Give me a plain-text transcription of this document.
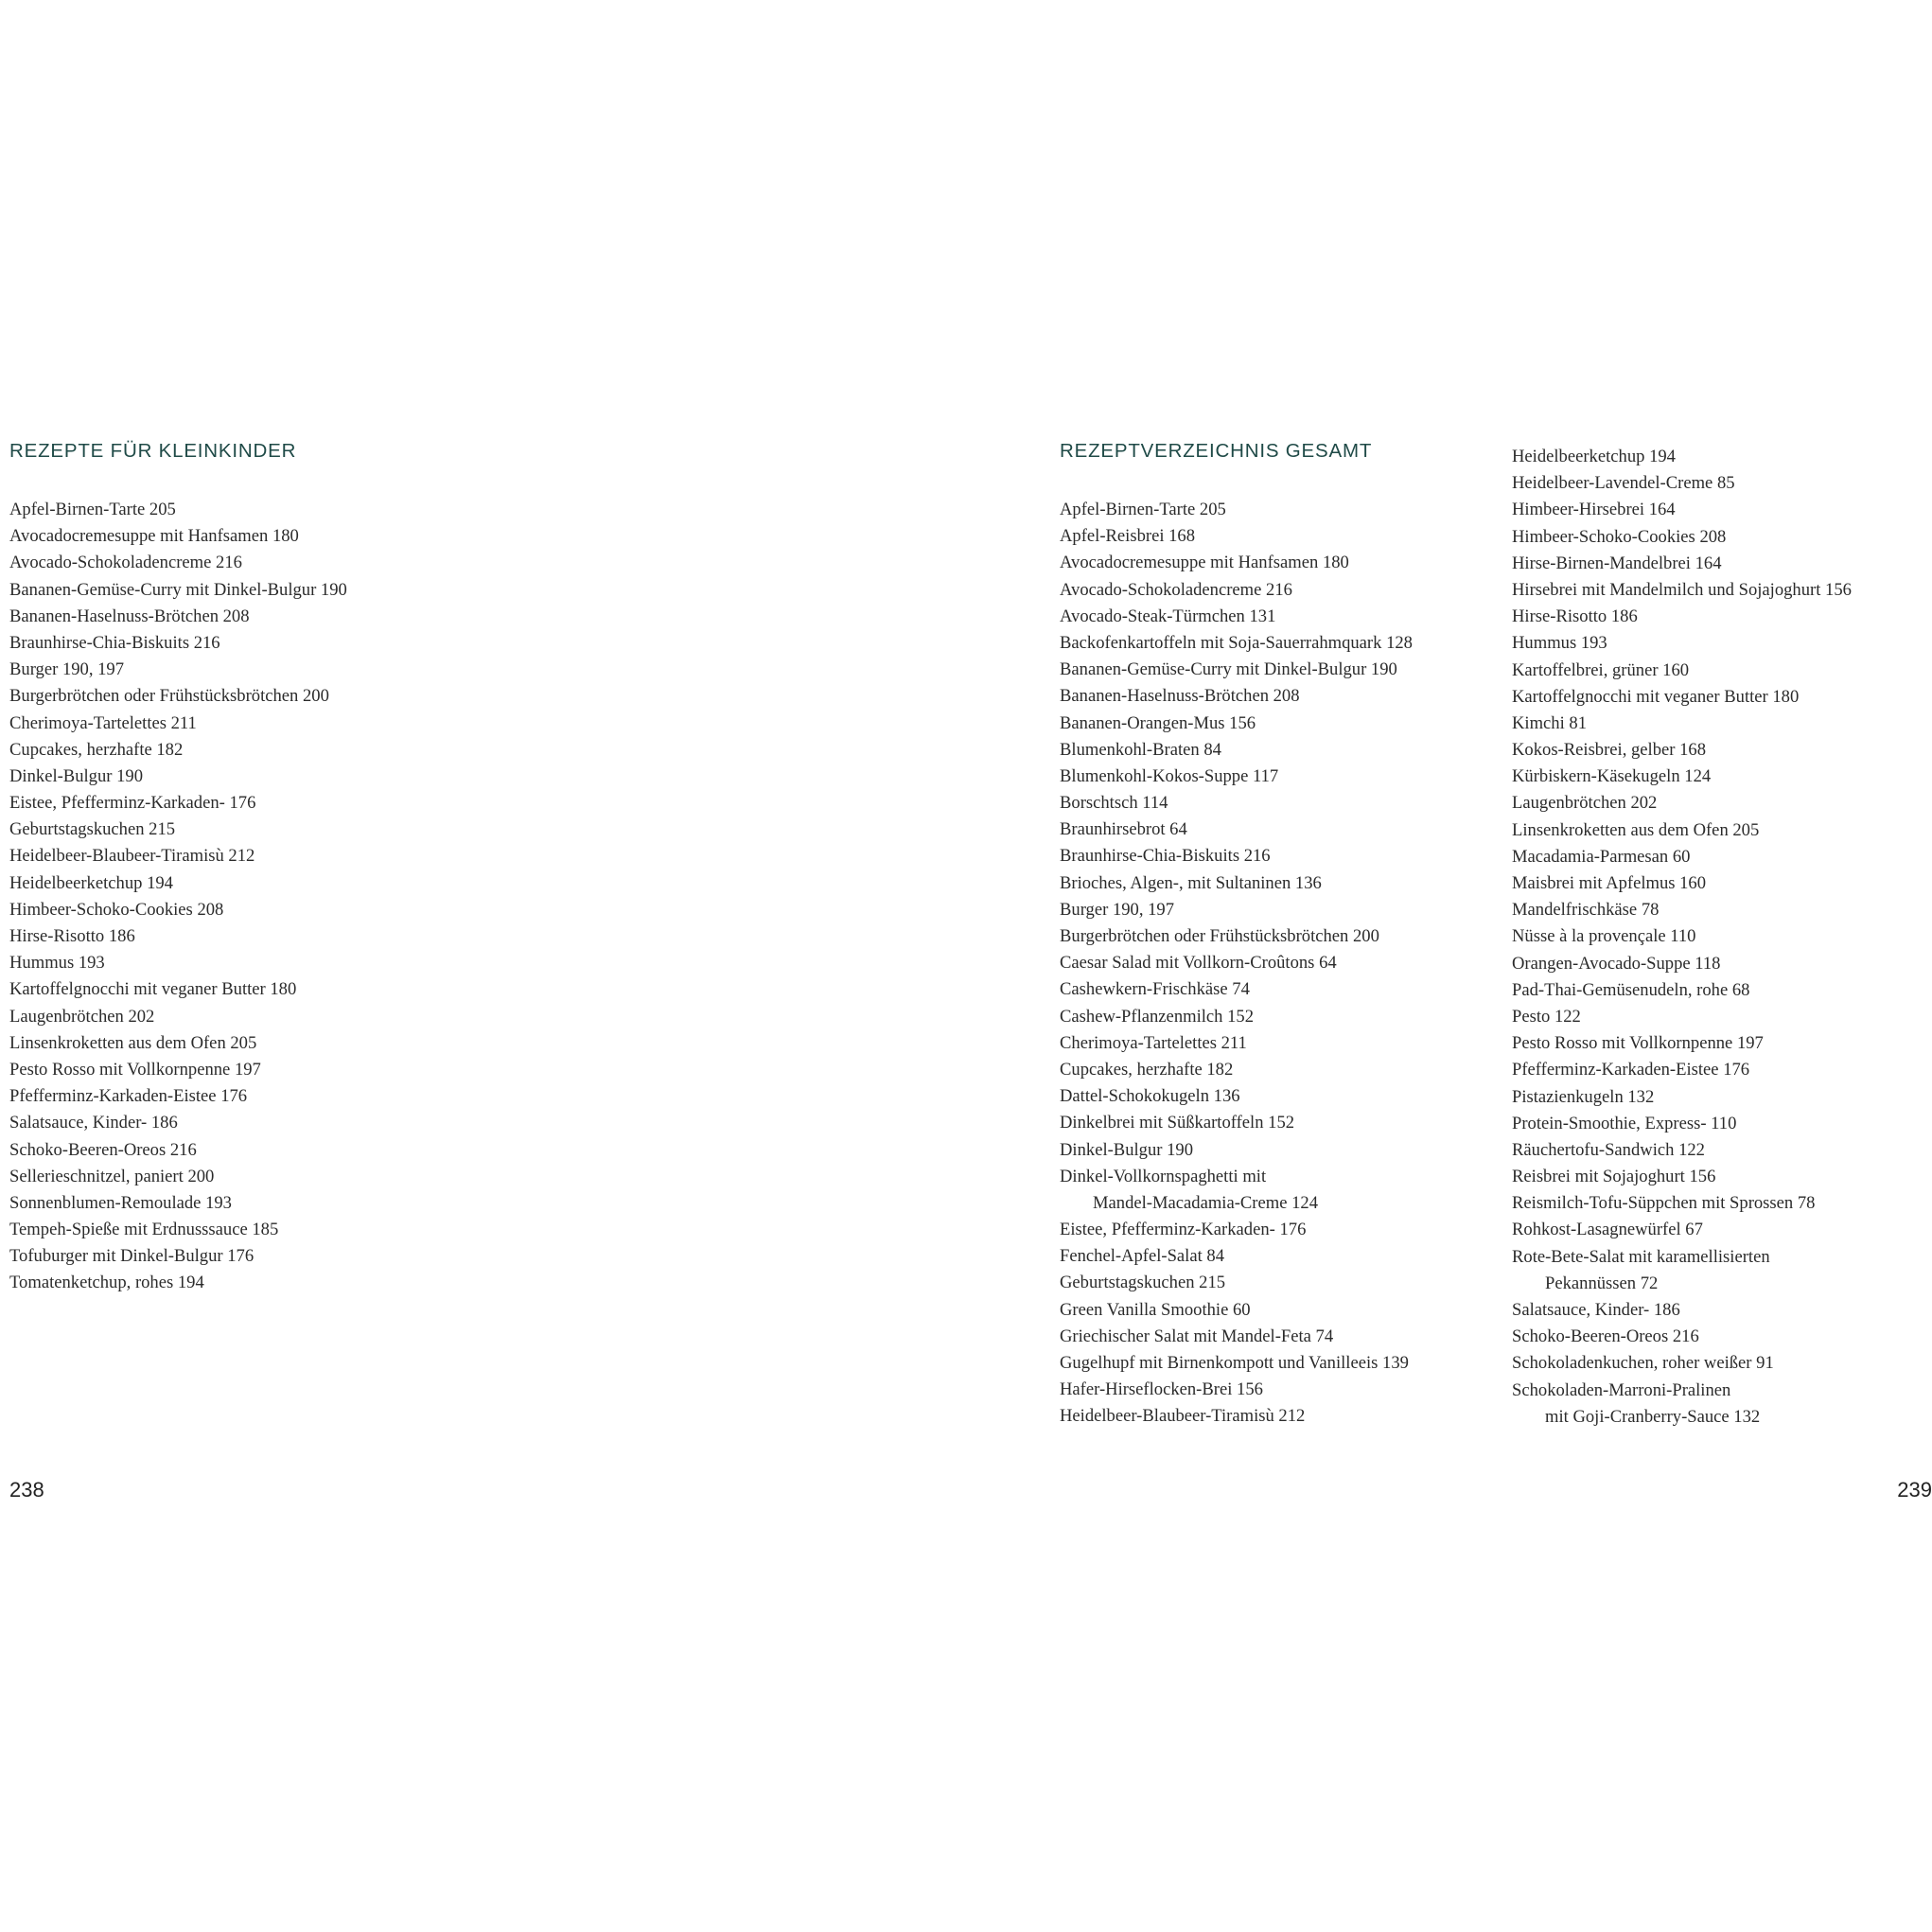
REZEPTE FÜR KLEINKINDER
Apfel-Birnen-Tarte 205
Avocadocremesuppe mit Hanfsamen 180
Avocado-Schokoladencreme 216
Bananen-Gemüse-Curry mit Dinkel-Bulgur 190
Bananen-Haselnuss-Brötchen 208
Braunhirse-Chia-Biskuits 216
Burger 190, 197
Burgerbrötchen oder Frühstücksbrötchen 200
Cherimoya-Tartelettes 211
Cupcakes, herzhafte 182
Dinkel-Bulgur 190
Eistee, Pfefferminz-Karkaden- 176
Geburtstagskuchen 215
Heidelbeer-Blaubeer-Tiramisù 212
Heidelbeerketchup 194
Himbeer-Schoko-Cookies 208
Hirse-Risotto 186
Hummus 193
Kartoffelgnocchi mit veganer Butter 180
Laugenbrötchen 202
Linsenkroketten aus dem Ofen 205
Pesto Rosso mit Vollkornpenne 197
Pfefferminz-Karkaden-Eistee 176
Salatsauce, Kinder- 186
Schoko-Beeren-Oreos 216
Sellerieschnitzel, paniert 200
Sonnenblumen-Remoulade 193
Tempeh-Spieße mit Erdnusssauce 185
Tofuburger mit Dinkel-Bulgur 176
Tomatenketchup, rohes 194
238
REZEPTVERZEICHNIS GESAMT
Apfel-Birnen-Tarte 205
Apfel-Reisbrei 168
Avocadocremesuppe mit Hanfsamen 180
Avocado-Schokoladencreme 216
Avocado-Steak-Türmchen 131
Backofenkartoffeln mit Soja-Sauerrahmquark 128
Bananen-Gemüse-Curry mit Dinkel-Bulgur 190
Bananen-Haselnuss-Brötchen 208
Bananen-Orangen-Mus 156
Blumenkohl-Braten 84
Blumenkohl-Kokos-Suppe 117
Borschtsch 114
Braunhirsebrot 64
Braunhirse-Chia-Biskuits 216
Brioches, Algen-, mit Sultaninen 136
Burger 190, 197
Burgerbrötchen oder Frühstücksbrötchen 200
Caesar Salad mit Vollkorn-Croûtons 64
Cashewkern-Frischkäse 74
Cashew-Pflanzenmilch 152
Cherimoya-Tartelettes 211
Cupcakes, herzhafte 182
Dattel-Schokokugeln 136
Dinkelbrei mit Süßkartoffeln 152
Dinkel-Bulgur 190
Dinkel-Vollkornspaghetti mit
Mandel-Macadamia-Creme 124
Eistee, Pfefferminz-Karkaden- 176
Fenchel-Apfel-Salat 84
Geburtstagskuchen 215
Green Vanilla Smoothie 60
Griechischer Salat mit Mandel-Feta 74
Gugelhupf mit Birnenkompott und Vanilleeis 139
Hafer-Hirseflocken-Brei 156
Heidelbeer-Blaubeer-Tiramisù 212
Heidelbeerketchup 194
Heidelbeer-Lavendel-Creme 85
Himbeer-Hirsebrei 164
Himbeer-Schoko-Cookies 208
Hirse-Birnen-Mandelbrei 164
Hirsebrei mit Mandelmilch und Sojajoghurt 156
Hirse-Risotto 186
Hummus 193
Kartoffelbrei, grüner 160
Kartoffelgnocchi mit veganer Butter 180
Kimchi 81
Kokos-Reisbrei, gelber 168
Kürbiskern-Käsekugeln 124
Laugenbrötchen 202
Linsenkroketten aus dem Ofen 205
Macadamia-Parmesan 60
Maisbrei mit Apfelmus 160
Mandelfrischkäse 78
Nüsse à la provençale 110
Orangen-Avocado-Suppe 118
Pad-Thai-Gemüsenudeln, rohe 68
Pesto 122
Pesto Rosso mit Vollkornpenne 197
Pfefferminz-Karkaden-Eistee 176
Pistazienkugeln 132
Protein-Smoothie, Express- 110
Räuchertofu-Sandwich 122
Reisbrei mit Sojajoghurt 156
Reismilch-Tofu-Süppchen mit Sprossen 78
Rohkost-Lasagnewürfel 67
Rote-Bete-Salat mit karamellisierten
Pekannüssen 72
Salatsauce, Kinder- 186
Schoko-Beeren-Oreos 216
Schokoladenkuchen, roher weißer 91
Schokoladen-Marroni-Pralinen
mit Goji-Cranberry-Sauce 132
239
